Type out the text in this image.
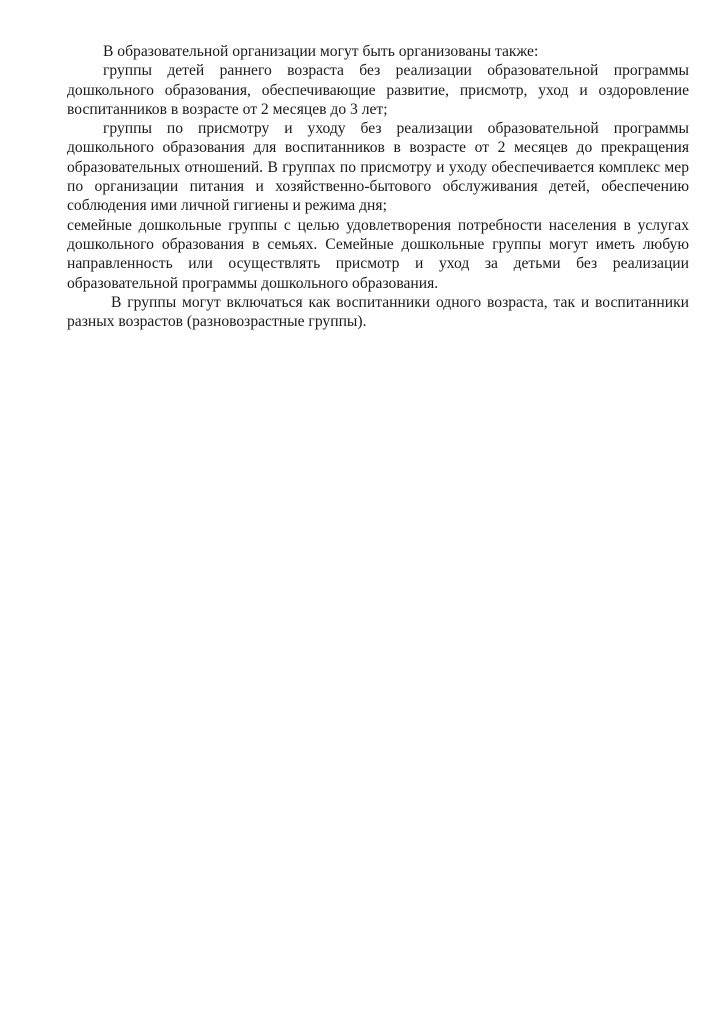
В образовательной организации могут быть организованы также:

группы детей раннего возраста без реализации образовательной программы дошкольного образования, обеспечивающие развитие, присмотр, уход и оздоровление воспитанников в возрасте от 2 месяцев до 3 лет;

группы по присмотру и уходу без реализации образовательной программы дошкольного образования для воспитанников в возрасте от 2 месяцев до прекращения образовательных отношений. В группах по присмотру и уходу обеспечивается комплекс мер по организации питания и хозяйственно-бытового обслуживания детей, обеспечению соблюдения ими личной гигиены и режима дня;

семейные дошкольные группы с целью удовлетворения потребности населения в услугах дошкольного образования в семьях. Семейные дошкольные группы могут иметь любую направленность или осуществлять присмотр и уход за детьми без реализации образовательной программы дошкольного образования.

В группы могут включаться как воспитанники одного возраста, так и воспитанники разных возрастов (разновозрастные группы).
